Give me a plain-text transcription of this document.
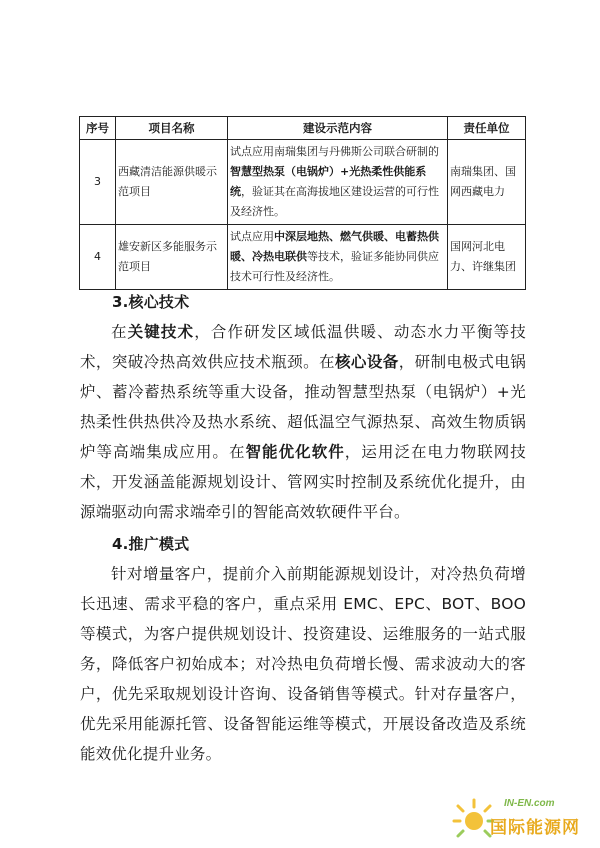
序号	项目名称	建设示范内容	责任单位
3	西藏清洁能源供暖示范项目	试点应用南瑞集团与丹佛斯公司联合研制的智慧型热泵（电锅炉）+光热柔性供能系统，验证其在高海拔地区建设运营的可行性及经济性。	南瑞集团、国网西藏电力
4	雄安新区多能服务示范项目	试点应用中深层地热、燃气供暖、电蓄热供暖、冷热电联供等技术，验证多能协同供应技术可行性及经济性。	国网河北电力、许继集团
3.核心技术
在关键技术，合作研发区域低温供暖、动态水力平衡等技术，突破冷热高效供应技术瓶颈。在核心设备，研制电极式电锅炉、蓄冷蓄热系统等重大设备，推动智慧型热泵（电锅炉）+光热柔性供热供冷及热水系统、超低温空气源热泵、高效生物质锅炉等高端集成应用。在智能优化软件，运用泛在电力物联网技术，开发涵盖能源规划设计、管网实时控制及系统优化提升，由源端驱动向需求端牵引的智能高效软硬件平台。
4.推广模式
针对增量客户，提前介入前期能源规划设计，对冷热负荷增长迅速、需求平稳的客户，重点采用 EMC、EPC、BOT、BOO 等模式，为客户提供规划设计、投资建设、运维服务的一站式服务，降低客户初始成本；对冷热电负荷增长慢、需求波动大的客户，优先采取规划设计咨询、设备销售等模式。针对存量客户，优先采用能源托管、设备智能运维等模式，开展设备改造及系统能效优化提升业务。
IN-EN.com
国际能源网
